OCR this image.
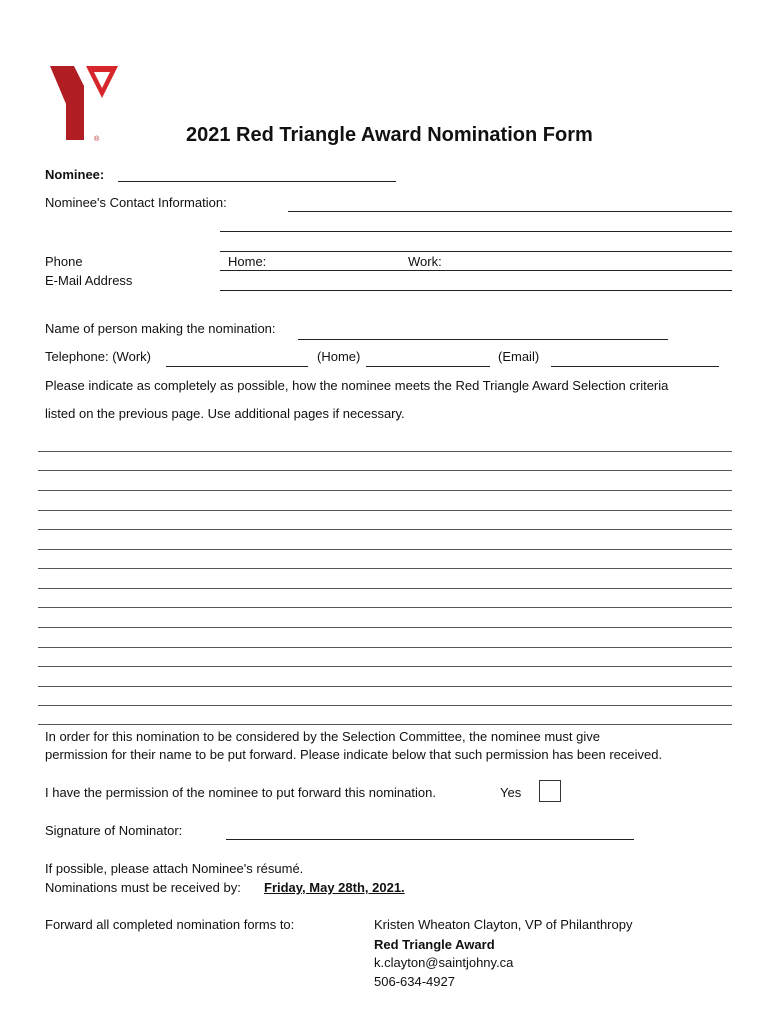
®	2021 Red Triangle Award Nomination Form
Nominee:
Nominee's Contact Information:
Phone	Home:	Work:
E-Mail Address
Name of person making the nomination:
Telephone: (Work)	(Home)	(Email)
Please indicate as completely as possible, how the nominee meets the Red Triangle Award Selection criteria
listed on the previous page. Use additional pages if necessary.
In order for this nomination to be considered by the Selection Committee, the nominee must give
permission for their name to be put forward. Please indicate below that such permission has been received.
I have the permission of the nominee to put forward this nomination.	Yes
Signature of Nominator:
If possible, please attach Nominee's résumé.
Nominations must be received by: Friday, May 28th, 2021.
Forward all completed nomination forms to:	Kristen Wheaton Clayton, VP of Philanthropy
Red Triangle Award
k.clayton@saintjohny.ca
506-634-4927
